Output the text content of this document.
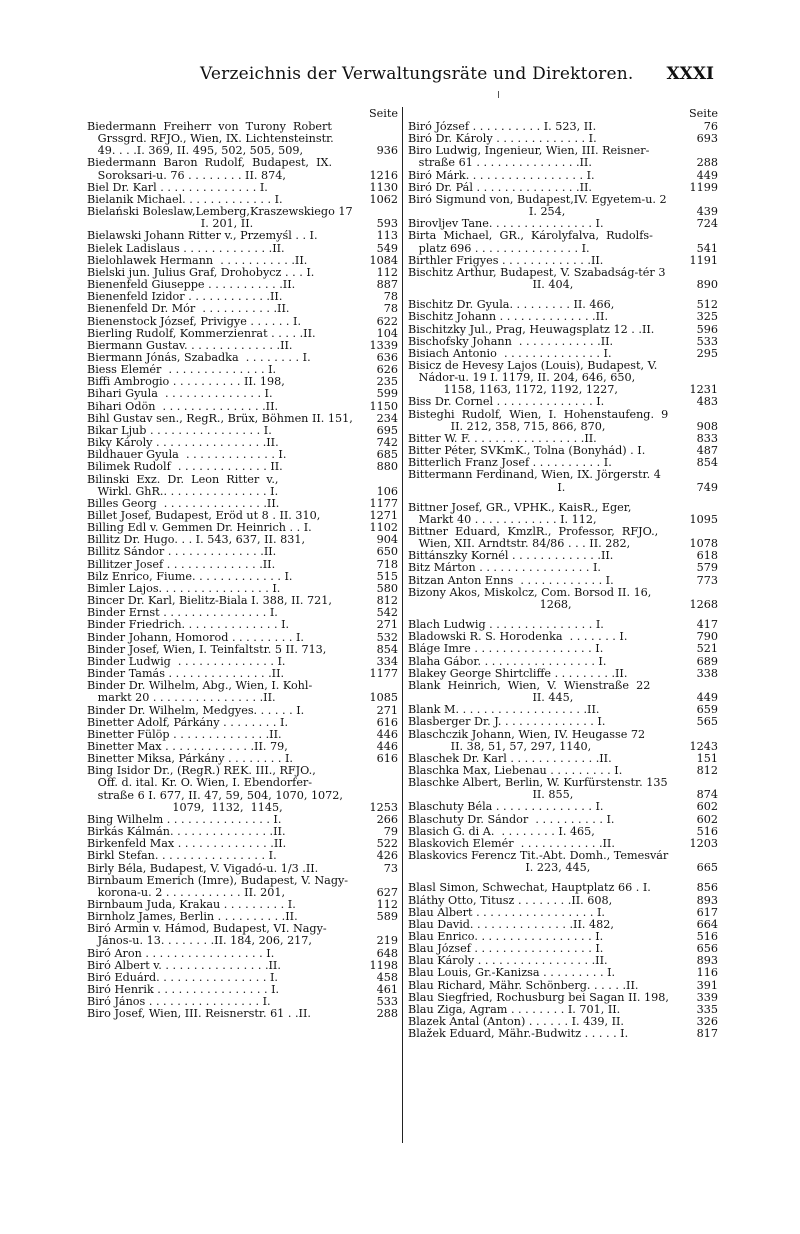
Verzeichnis der Verwaltungsräte und Direktoren. XXXI
Seite
Biedermann  Freiherr  von  Turony  Robert
Grssgrd. RFJO., Wien, IX. Lichtensteinstr.
49. . . .I. 369, II. 495, 502, 505, 509,	936
Biedermann  Baron  Rudolf,  Budapest,  IX.
Soroksari-u. 76 . . . . . . . . II. 874,	1216
Biel Dr. Karl . . . . . . . . . . . . . . I.	1130
Bielanik Michael. . . . . . . . . . . . . I.	1062
Bielański Boleslaw,Lemberg,Kraszewskiego 17
I. 201, II.	593
Bielawski Johann Ritter v., Przemyśl . . I.	113
Bielek Ladislaus . . . . . . . . . . . . .II.	549
Bielohlawek Hermann  . . . . . . . . . . .II.	1084
Bielski jun. Julius Graf, Drohobycz . . . I.	112
Bienenfeld Giuseppe . . . . . . . . . . .II.	887
Bienenfeld Izidor . . . . . . . . . . . .II.	78
Bienenfeld Dr. Mór  . . . . . . . . . . .II.	78
Bienenstock József, Privigye . . . . . . I.	622
Bierling Rudolf, Kommerzienrat . . . . .II.	104
Biermann Gustav. . . . . . . . . . . . . .II.	1339
Biermann Jónás, Szabadka  . . . . . . . . I.	636
Biess Elemér  . . . . . . . . . . . . . . I.	626
Biffi Ambrogio . . . . . . . . . . II. 198,	235
Bihari Gyula  . . . . . . . . . . . . . . I.	599
Bihari Ödön  . . . . . . . . . . . . . . .II.	1150
Bihl Gustav sen., RegR., Brüx, Böhmen II. 151,	234
Bikar Ljub . . . . . . . . . . . . . . . . I.	695
Biky Károly . . . . . . . . . . . . . . . .II.	742
Bildhauer Gyula  . . . . . . . . . . . . . I.	685
Bilimek Rudolf  . . . . . . . . . . . . . II.	880
Bilinski  Exz.  Dr.  Leon  Ritter  v.,
Wirkl. GhR.. . . . . . . . . . . . . . . I.	106
Billes Georg  . . . . . . . . . . . . . . .II.	1177
Billet Josef, Budapest, Eröd ut 8 . II. 310,	1271
Billing Edl v. Gemmen Dr. Heinrich . . I.	1102
Billitz Dr. Hugo. . . I. 543, 637, II. 831,	904
Billitz Sándor . . . . . . . . . . . . . .II.	650
Billitzer Josef . . . . . . . . . . . . . .II.	718
Bilz Enrico, Fiume. . . . . . . . . . . . . I.	515
Bimler Lajos. . . . . . . . . . . . . . . . I.	580
Bincer Dr. Karl, Bielitz-Biala I. 388, II. 721,	812
Binder Ernst . . . . . . . . . . . . . . . I.	542
Binder Friedrich. . . . . . . . . . . . . . I.	271
Binder Johann, Homorod . . . . . . . . . I.	532
Binder Josef, Wien, I. Teinfaltstr. 5 II. 713,	854
Binder Ludwig  . . . . . . . . . . . . . . I.	334
Binder Tamás . . . . . . . . . . . . . . .II.	1177
Binder Dr. Wilhelm, Abg., Wien, I. Kohl-
markt 20 . . . . . . . . . . . . . . . .II.	1085
Binder Dr. Wilhelm, Medgyes. . . . . . I.	271
Binetter Adolf, Párkány . . . . . . . . I.	616
Binetter Fülöp . . . . . . . . . . . . . .II.	446
Binetter Max . . . . . . . . . . . . .II. 79,	446
Binetter Miksa, Párkány . . . . . . . . I.	616
Bing Isidor Dr., (RegR.) REK. III., RFJO.,
Off. d. ital. Kr. O. Wien, I. Ebendorfer-
straße 6 I. 677, II. 47, 59, 504, 1070, 1072,
1079,  1132,  1145,	1253
Bing Wilhelm . . . . . . . . . . . . . . . I.	266
Birkás Kálmán. . . . . . . . . . . . . . .II.	79
Birkenfeld Max . . . . . . . . . . . . . .II.	522
Birkl Stefan. . . . . . . . . . . . . . . . I.	426
Birly Béla, Budapest, V. Vigadó-u. 1/3 .II.	73
Birnbaum Emerich (Imre), Budapest, V. Nagy-
korona-u. 2 . . . . . . . . . . . II. 201,	627
Birnbaum Juda, Krakau . . . . . . . . . I.	112
Birnholz James, Berlin . . . . . . . . . .II.	589
Biró Ármin v. Hámod, Budapest, VI. Nagy-
János-u. 13. . . . . . . .II. 184, 206, 217,	219
Biró Áron . . . . . . . . . . . . . . . . . I.	648
Biró Albert v. . . . . . . . . . . . . . . .II.	1198
Biró Eduárd. . . . . . . . . . . . . . . . I.	458
Biró Henrik . . . . . . . . . . . . . . . . I.	461
Biró János . . . . . . . . . . . . . . . . I.	533
Biro Josef, Wien, III. Reisnerstr. 61 . .II.	288
Seite
Biró József . . . . . . . . . . I. 523, II.	76
Biró Dr. Károly . . . . . . . . . . . . . I.	693
Biro Ludwig, Ingenieur, Wien, III. Reisner-
straße 61 . . . . . . . . . . . . . . .II.	288
Biró Márk. . . . . . . . . . . . . . . . . I.	449
Biró Dr. Pál . . . . . . . . . . . . . . .II.	1199
Biró Sigmund von, Budapest,IV. Egyetem-u. 2
I. 254,	439
Birovljev Tane. . . . . . . . . . . . . . . I.	724
Birta  Michael,  GR.,  Károlyfalva,  Rudolfs-
platz 696 . . . . . . . . . . . . . . . I.	541
Birthler Frigyes . . . . . . . . . . . . .II.	1191
Bischitz Arthur, Budapest, V. Szabadság-tér 3
II. 404,	890
Bischitz Dr. Gyula. . . . . . . . . II. 466,	512
Bischitz Johann . . . . . . . . . . . . . .II.	325
Bischitzky Jul., Prag, Heuwagsplatz 12 . .II.	596
Bischofsky Johann  . . . . . . . . . . . .II.	533
Bisiach Antonio  . . . . . . . . . . . . . . I.	295
Bisicz de Hevesy Lajos (Louis), Budapest, V.
Nádor-u. 19 I. 1179, II. 204, 646, 650,
1158, 1163, 1172, 1192, 1227,	1231
Biss Dr. Cornel . . . . . . . . . . . . . . I.	483
Bisteghi  Rudolf,  Wien,  I.  Hohenstaufeng.  9
II. 212, 358, 715, 866, 870,	908
Bitter W. F. . . . . . . . . . . . . . . . .II.	833
Bitter Péter, SVKmK., Tolna (Bonyhád) . I.	487
Bitterlich Franz Josef . . . . . . . . . . I.	854
Bittermann Ferdinand, Wien, IX. Jörgerstr. 4
I.	749
Bittner Josef, GR., VPHK., KaisR., Eger,
Markt 40 . . . . . . . . . . . . I. 112,	1095
Bittner  Eduard,  KmzlR.,  Professor,  RFJO.,
Wien, XII. Arndtstr. 84/86 . . . II. 282,	1078
Bittánszky Kornél . . . . . . . . . . . . .II.	618
Bitz Márton . . . . . . . . . . . . . . . . I.	579
Bitzan Anton Enns  . . . . . . . . . . . . I.	773
Bizony Ákos, Miskolcz, Com. Borsod II. 16,
1268,	1268
Blach Ludwig . . . . . . . . . . . . . . . I.	417
Bladowski R. S. Horodenka  . . . . . . . I.	790
Bláge Imre . . . . . . . . . . . . . . . . . I.	521
Blaha Gábor. . . . . . . . . . . . . . . . . I.	689
Blakey George Shirtcliffe . . . . . . . . .II.	338
Blank  Heinrich,  Wien,  V.  Wienstraße  22
II. 445,	449
Blank M. . . . . . . . . . . . . . . . . . .II.	659
Blasberger Dr. J. . . . . . . . . . . . . . I.	565
Blaschczik Johann, Wien, IV. Heugasse 72
II. 38, 51, 57, 297, 1140,	1243
Blaschek Dr. Karl . . . . . . . . . . . . .II.	151
Blaschka Max, Liebenau . . . . . . . . . I.	812
Blaschke Albert, Berlin, W. Kurfürstenstr. 135
II. 855,	874
Blaschuty Béla . . . . . . . . . . . . . . I.	602
Blaschuty Dr. Sándor  . . . . . . . . . . I.	602
Blasich G. di A.  . . . . . . . . I. 465,	516
Blaskovich Elemér  . . . . . . . . . . . .II.	1203
Blaskovics Ferencz Tit.-Abt. Domh., Temesvár
I. 223, 445,	665
Blasl Simon, Schwechat, Hauptplatz 66 . I.	856
Bláthy Otto, Titusz . . . . . . . .II. 608,	893
Blau Albert . . . . . . . . . . . . . . . . . I.	617
Blau David. . . . . . . . . . . . . . .II. 482,	664
Blau Enrico. . . . . . . . . . . . . . . . . I.	516
Blau József . . . . . . . . . . . . . . . . . I.	656
Blau Károly . . . . . . . . . . . . . . . . .II.	893
Blau Louis, Gr.-Kanizsa . . . . . . . . . I.	116
Blau Richard, Mähr. Schönberg. . . . . .II.	391
Blau Siegfried, Rochusburg bei Sagan II. 198,	339
Blau Žiga, Agram . . . . . . . . I. 701, II.	335
Blazek Antal (Anton) . . . . . . I. 439, II.	326
Blažek Eduard, Mähr.-Budwitz . . . . . I.	817
